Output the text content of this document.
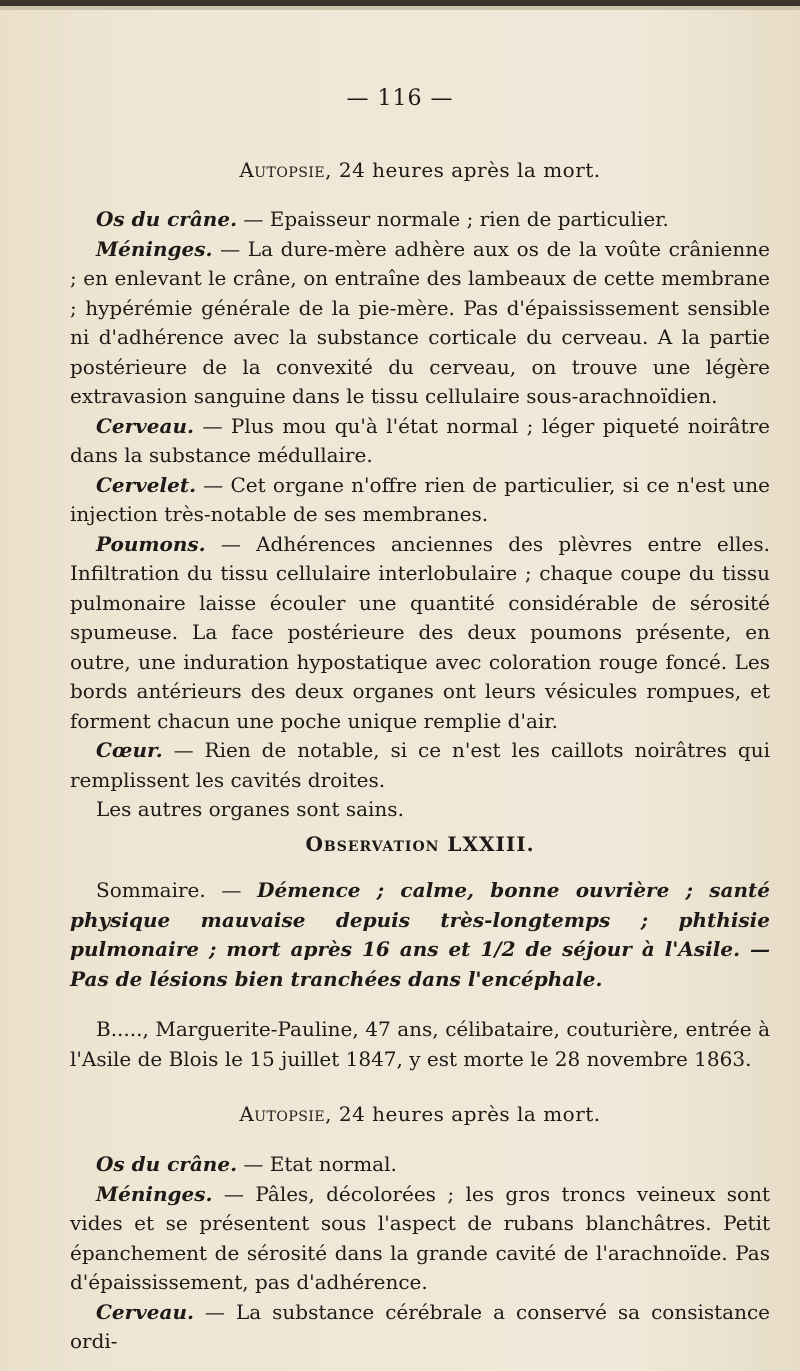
— 116 —
Autopsie, 24 heures après la mort.

Os du crâne. — Epaisseur normale ; rien de particulier.

Méninges. — La dure-mère adhère aux os de la voûte crânienne ; en enlevant le crâne, on entraîne des lambeaux de cette membrane ; hypérémie générale de la pie-mère. Pas d'épaississement sensible ni d'adhérence avec la substance corticale du cerveau. A la partie postérieure de la convexité du cerveau, on trouve une légère extravasion sanguine dans le tissu cellulaire sous-arachnoïdien.

Cerveau. — Plus mou qu'à l'état normal ; léger piqueté noirâtre dans la substance médullaire.

Cervelet. — Cet organe n'offre rien de particulier, si ce n'est une injection très-notable de ses membranes.

Poumons. — Adhérences anciennes des plèvres entre elles. Infiltration du tissu cellulaire interlobulaire ; chaque coupe du tissu pulmonaire laisse écouler une quantité considérable de sérosité spumeuse. La face postérieure des deux poumons présente, en outre, une induration hypostatique avec coloration rouge foncé. Les bords antérieurs des deux organes ont leurs vésicules rompues, et forment chacun une poche unique remplie d'air.

Cœur. — Rien de notable, si ce n'est les caillots noirâtres qui remplissent les cavités droites.

Les autres organes sont sains.

Observation LXXIII.

Sommaire. — Démence ; calme, bonne ouvrière ; santé physique mauvaise depuis très-longtemps ; phthisie pulmonaire ; mort après 16 ans et 1/2 de séjour à l'Asile. — Pas de lésions bien tranchées dans l'encéphale.

B....., Marguerite-Pauline, 47 ans, célibataire, couturière, entrée à l'Asile de Blois le 15 juillet 1847, y est morte le 28 novembre 1863.

Autopsie, 24 heures après la mort.

Os du crâne. — Etat normal.

Méninges. — Pâles, décolorées ; les gros troncs veineux sont vides et se présentent sous l'aspect de rubans blanchâtres. Petit épanchement de sérosité dans la grande cavité de l'arachnoïde. Pas d'épaississement, pas d'adhérence.

Cerveau. — La substance cérébrale a conservé sa consistance ordi-
